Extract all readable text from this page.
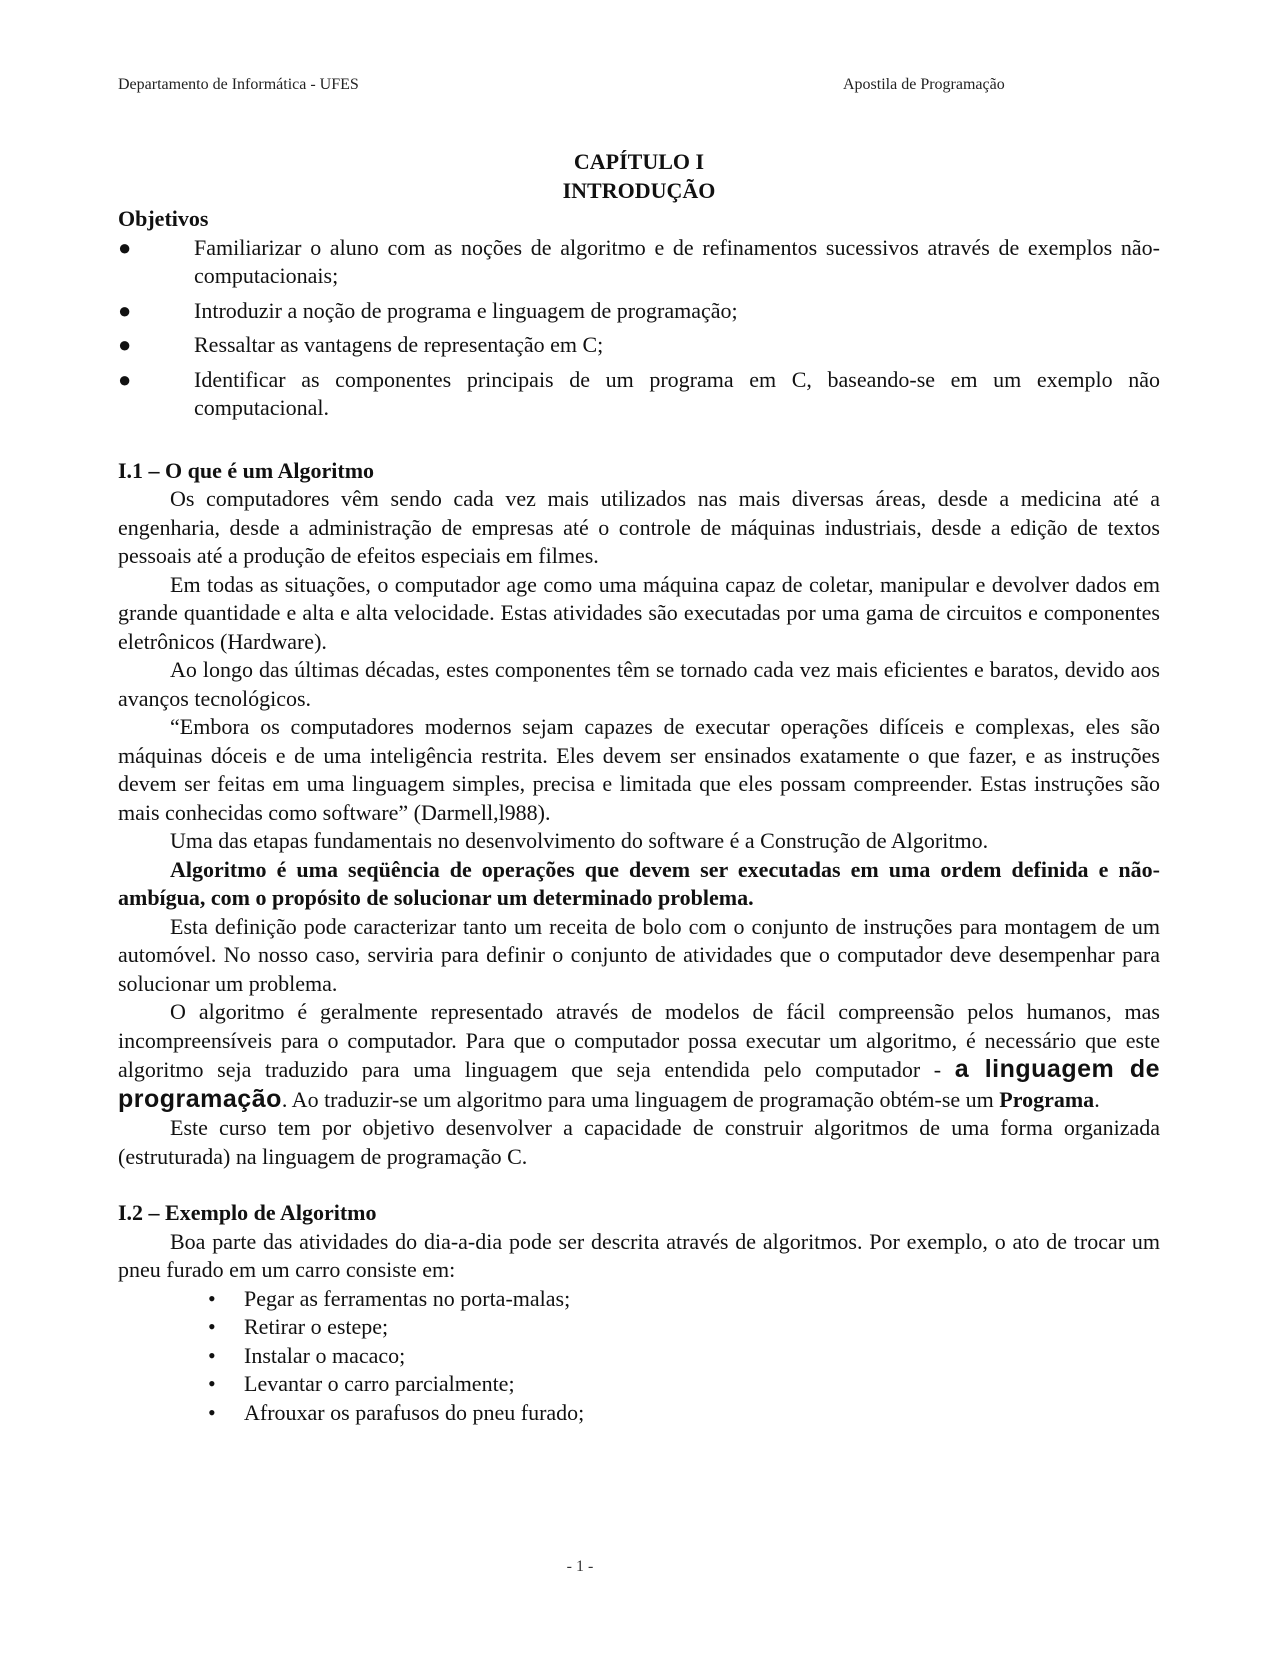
Departamento de Informática - UFES	Apostila de Programação
CAPÍTULO I
INTRODUÇÃO
Objetivos
●	Familiarizar o aluno com as noções de algoritmo e de refinamentos sucessivos através de exemplos não-computacionais;
●	Introduzir a noção de programa e linguagem de programação;
●	Ressaltar as vantagens de representação em C;
●	Identificar as componentes principais de um programa em C, baseando-se em um exemplo não computacional.
I.1 – O que é um Algoritmo

Os computadores vêm sendo cada vez mais utilizados nas mais diversas áreas, desde a medicina até a engenharia, desde a administração de empresas até o controle de máquinas industriais, desde a edição de textos pessoais até a produção de efeitos especiais em filmes.

Em todas as situações, o computador age como uma máquina capaz de coletar, manipular e devolver dados em grande quantidade e alta e alta velocidade. Estas atividades são executadas por uma gama de circuitos e componentes eletrônicos (Hardware).

Ao longo das últimas décadas, estes componentes têm se tornado cada vez mais eficientes e baratos, devido aos avanços tecnológicos.

“Embora os computadores modernos sejam capazes de executar operações difíceis e complexas, eles são máquinas dóceis e de uma inteligência restrita. Eles devem ser ensinados exatamente o que fazer, e as instruções devem ser feitas em uma linguagem simples, precisa e limitada que eles possam compreender. Estas instruções são mais conhecidas como software” (Darmell,l988).

Uma das etapas fundamentais no desenvolvimento do software é a Construção de Algoritmo.

Algoritmo é uma seqüência de operações que devem ser executadas em uma ordem definida e não-ambígua, com o propósito de solucionar um determinado problema.

Esta definição pode caracterizar tanto um receita de bolo com o conjunto de instruções para montagem de um automóvel. No nosso caso, serviria para definir o conjunto de atividades que o computador deve desempenhar para solucionar um problema.

O algoritmo é geralmente representado através de modelos de fácil compreensão pelos humanos, mas incompreensíveis para o computador. Para que o computador possa executar um algoritmo, é necessário que este algoritmo seja traduzido para uma linguagem que seja entendida pelo computador - a linguagem de programação. Ao traduzir-se um algoritmo para uma linguagem de programação obtém-se um Programa.

Este curso tem por objetivo desenvolver a capacidade de construir algoritmos de uma forma organizada (estruturada) na linguagem de programação C.

I.2 – Exemplo de Algoritmo

Boa parte das atividades do dia-a-dia pode ser descrita através de algoritmos. Por exemplo, o ato de trocar um pneu furado em um carro consiste em:

• Pegar as ferramentas no porta-malas;
• Retirar o estepe;
• Instalar o macaco;
• Levantar o carro parcialmente;
• Afrouxar os parafusos do pneu furado;
- 1 -
